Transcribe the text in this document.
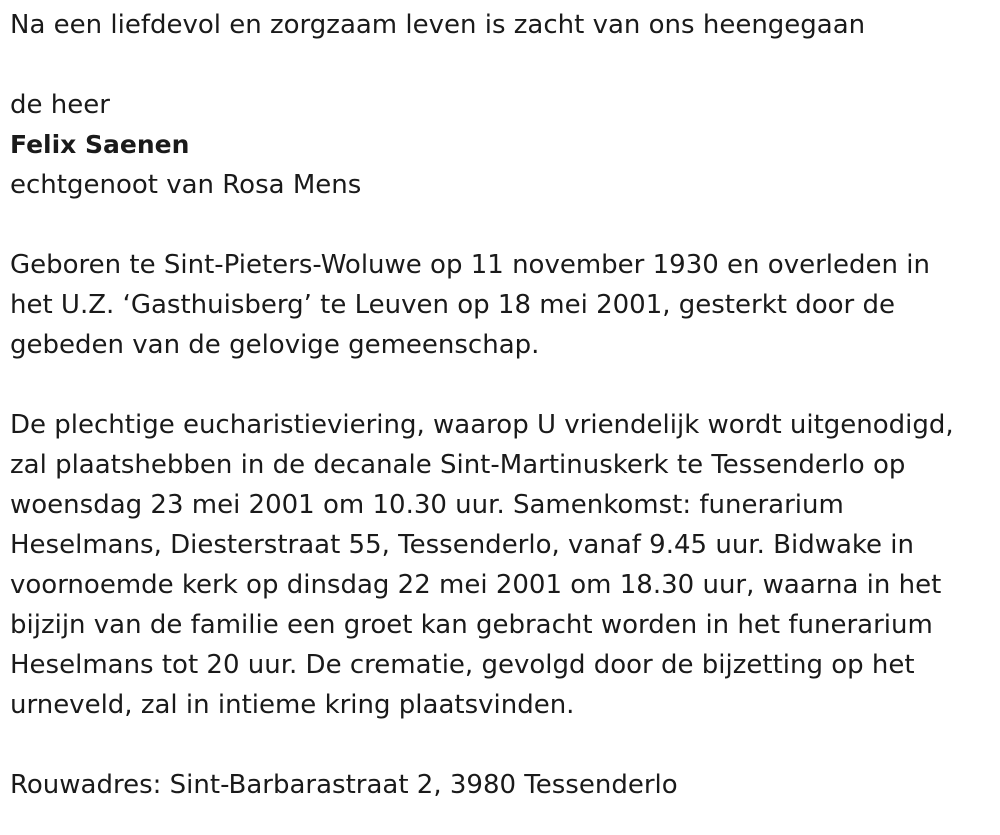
Na een liefdevol en zorgzaam leven is zacht van ons heengegaan

de heer

Felix Saenen

echtgenoot van Rosa Mens

Geboren te Sint-Pieters-Woluwe op 11 november 1930 en overleden in
het U.Z. ‘Gasthuisberg’ te Leuven op 18 mei 2001, gesterkt door de
gebeden van de gelovige gemeenschap.

De plechtige eucharistieviering, waarop U vriendelijk wordt uitgenodigd,
zal plaatshebben in de decanale Sint-Martinuskerk te Tessenderlo op
woensdag 23 mei 2001 om 10.30 uur. Samenkomst: funerarium
Heselmans, Diesterstraat 55, Tessenderlo, vanaf 9.45 uur. Bidwake in
voornoemde kerk op dinsdag 22 mei 2001 om 18.30 uur, waarna in het
bijzijn van de familie een groet kan gebracht worden in het funerarium
Heselmans tot 20 uur. De crematie, gevolgd door de bijzetting op het
urneveld, zal in intieme kring plaatsvinden.

Rouwadres: Sint-Barbarastraat 2, 3980 Tessenderlo
